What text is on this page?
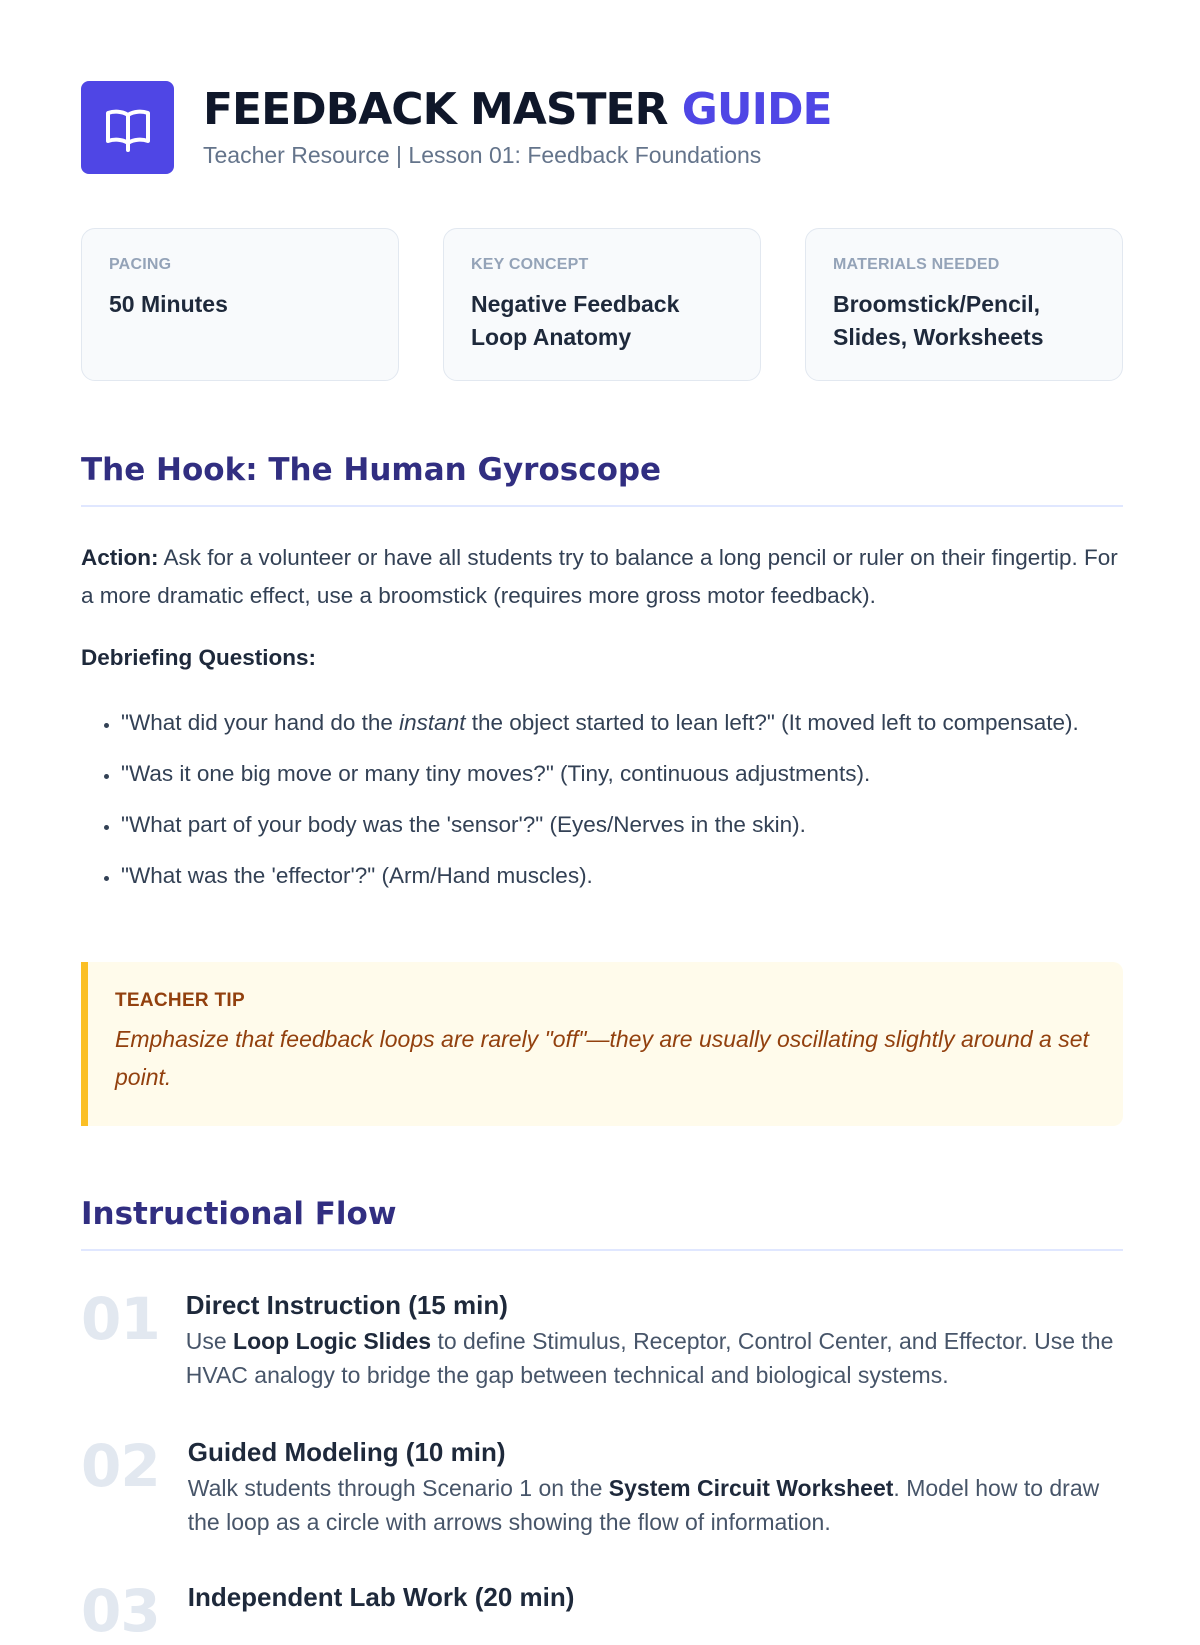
FEEDBACK MASTER GUIDE
Teacher Resource | Lesson 01: Feedback Foundations
PACING
50 Minutes
KEY CONCEPT
Negative Feedback Loop Anatomy
MATERIALS NEEDED
Broomstick/Pencil, Slides, Worksheets
The Hook: The Human Gyroscope
Action: Ask for a volunteer or have all students try to balance a long pencil or ruler on their fingertip. For a more dramatic effect, use a broomstick (requires more gross motor feedback).
Debriefing Questions:
• "What did your hand do the instant the object started to lean left?" (It moved left to compensate).
• "Was it one big move or many tiny moves?" (Tiny, continuous adjustments).
• "What part of your body was the 'sensor'?" (Eyes/Nerves in the skin).
• "What was the 'effector'?" (Arm/Hand muscles).
TEACHER TIP
Emphasize that feedback loops are rarely "off"—they are usually oscillating slightly around a set point.
Instructional Flow
01 Direct Instruction (15 min)
Use Loop Logic Slides to define Stimulus, Receptor, Control Center, and Effector. Use the HVAC analogy to bridge the gap between technical and biological systems.
02 Guided Modeling (10 min)
Walk students through Scenario 1 on the System Circuit Worksheet. Model how to draw the loop as a circle with arrows showing the flow of information.
03 Independent Lab Work (20 min)
